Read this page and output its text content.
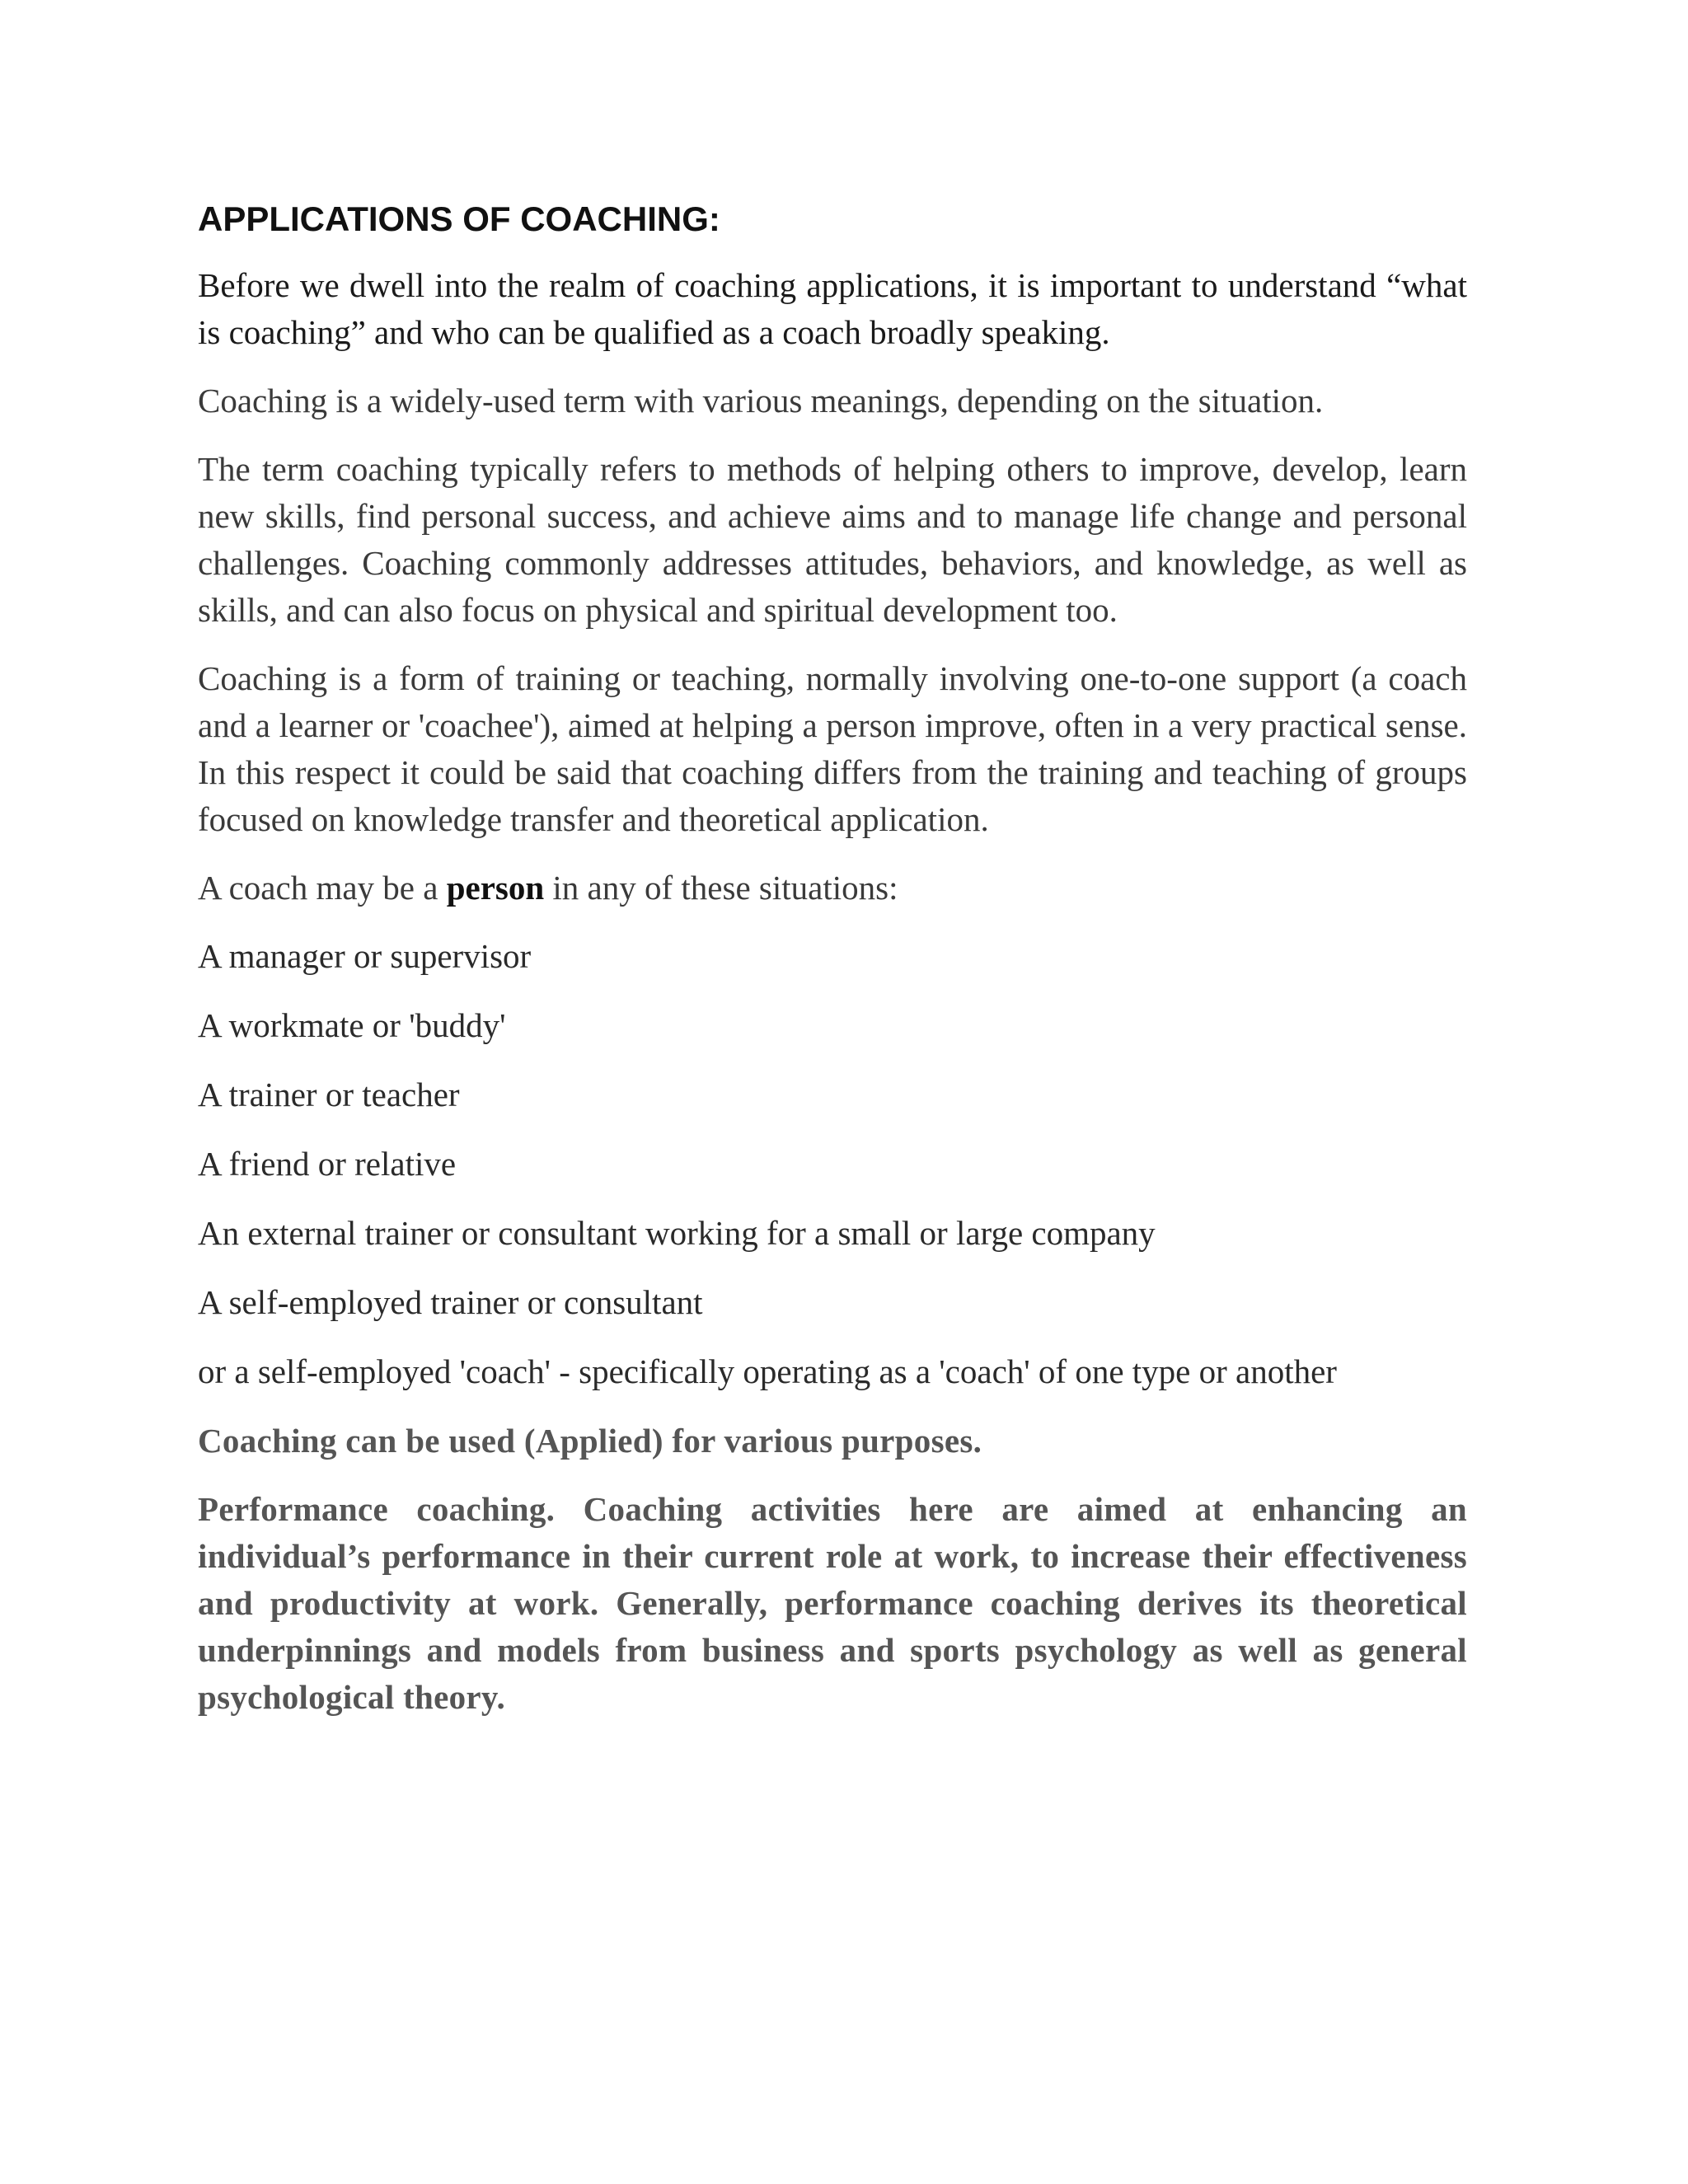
APPLICATIONS OF COACHING:

Before we dwell into the realm of coaching applications, it is important to understand “what is coaching” and who can be qualified as a coach broadly speaking.

Coaching is a widely-used term with various meanings, depending on the situation.

The term coaching typically refers to methods of helping others to improve, develop, learn new skills, find personal success, and achieve aims and to manage life change and personal challenges. Coaching commonly addresses attitudes, behaviors, and knowledge, as well as skills, and can also focus on physical and spiritual development too.

Coaching is a form of training or teaching, normally involving one-to-one support (a coach and a learner or 'coachee'), aimed at helping a person improve, often in a very practical sense. In this respect it could be said that coaching differs from the training and teaching of groups focused on knowledge transfer and theoretical application.

A coach may be a person in any of these situations:

A manager or supervisor
A workmate or 'buddy'
A trainer or teacher
A friend or relative
An external trainer or consultant working for a small or large company
A self-employed trainer or consultant
or a self-employed 'coach' - specifically operating as a 'coach' of one type or another

Coaching can be used (Applied) for various purposes.

Performance coaching. Coaching activities here are aimed at enhancing an individual’s performance in their current role at work, to increase their effectiveness and productivity at work. Generally, performance coaching derives its theoretical underpinnings and models from business and sports psychology as well as general psychological theory.
